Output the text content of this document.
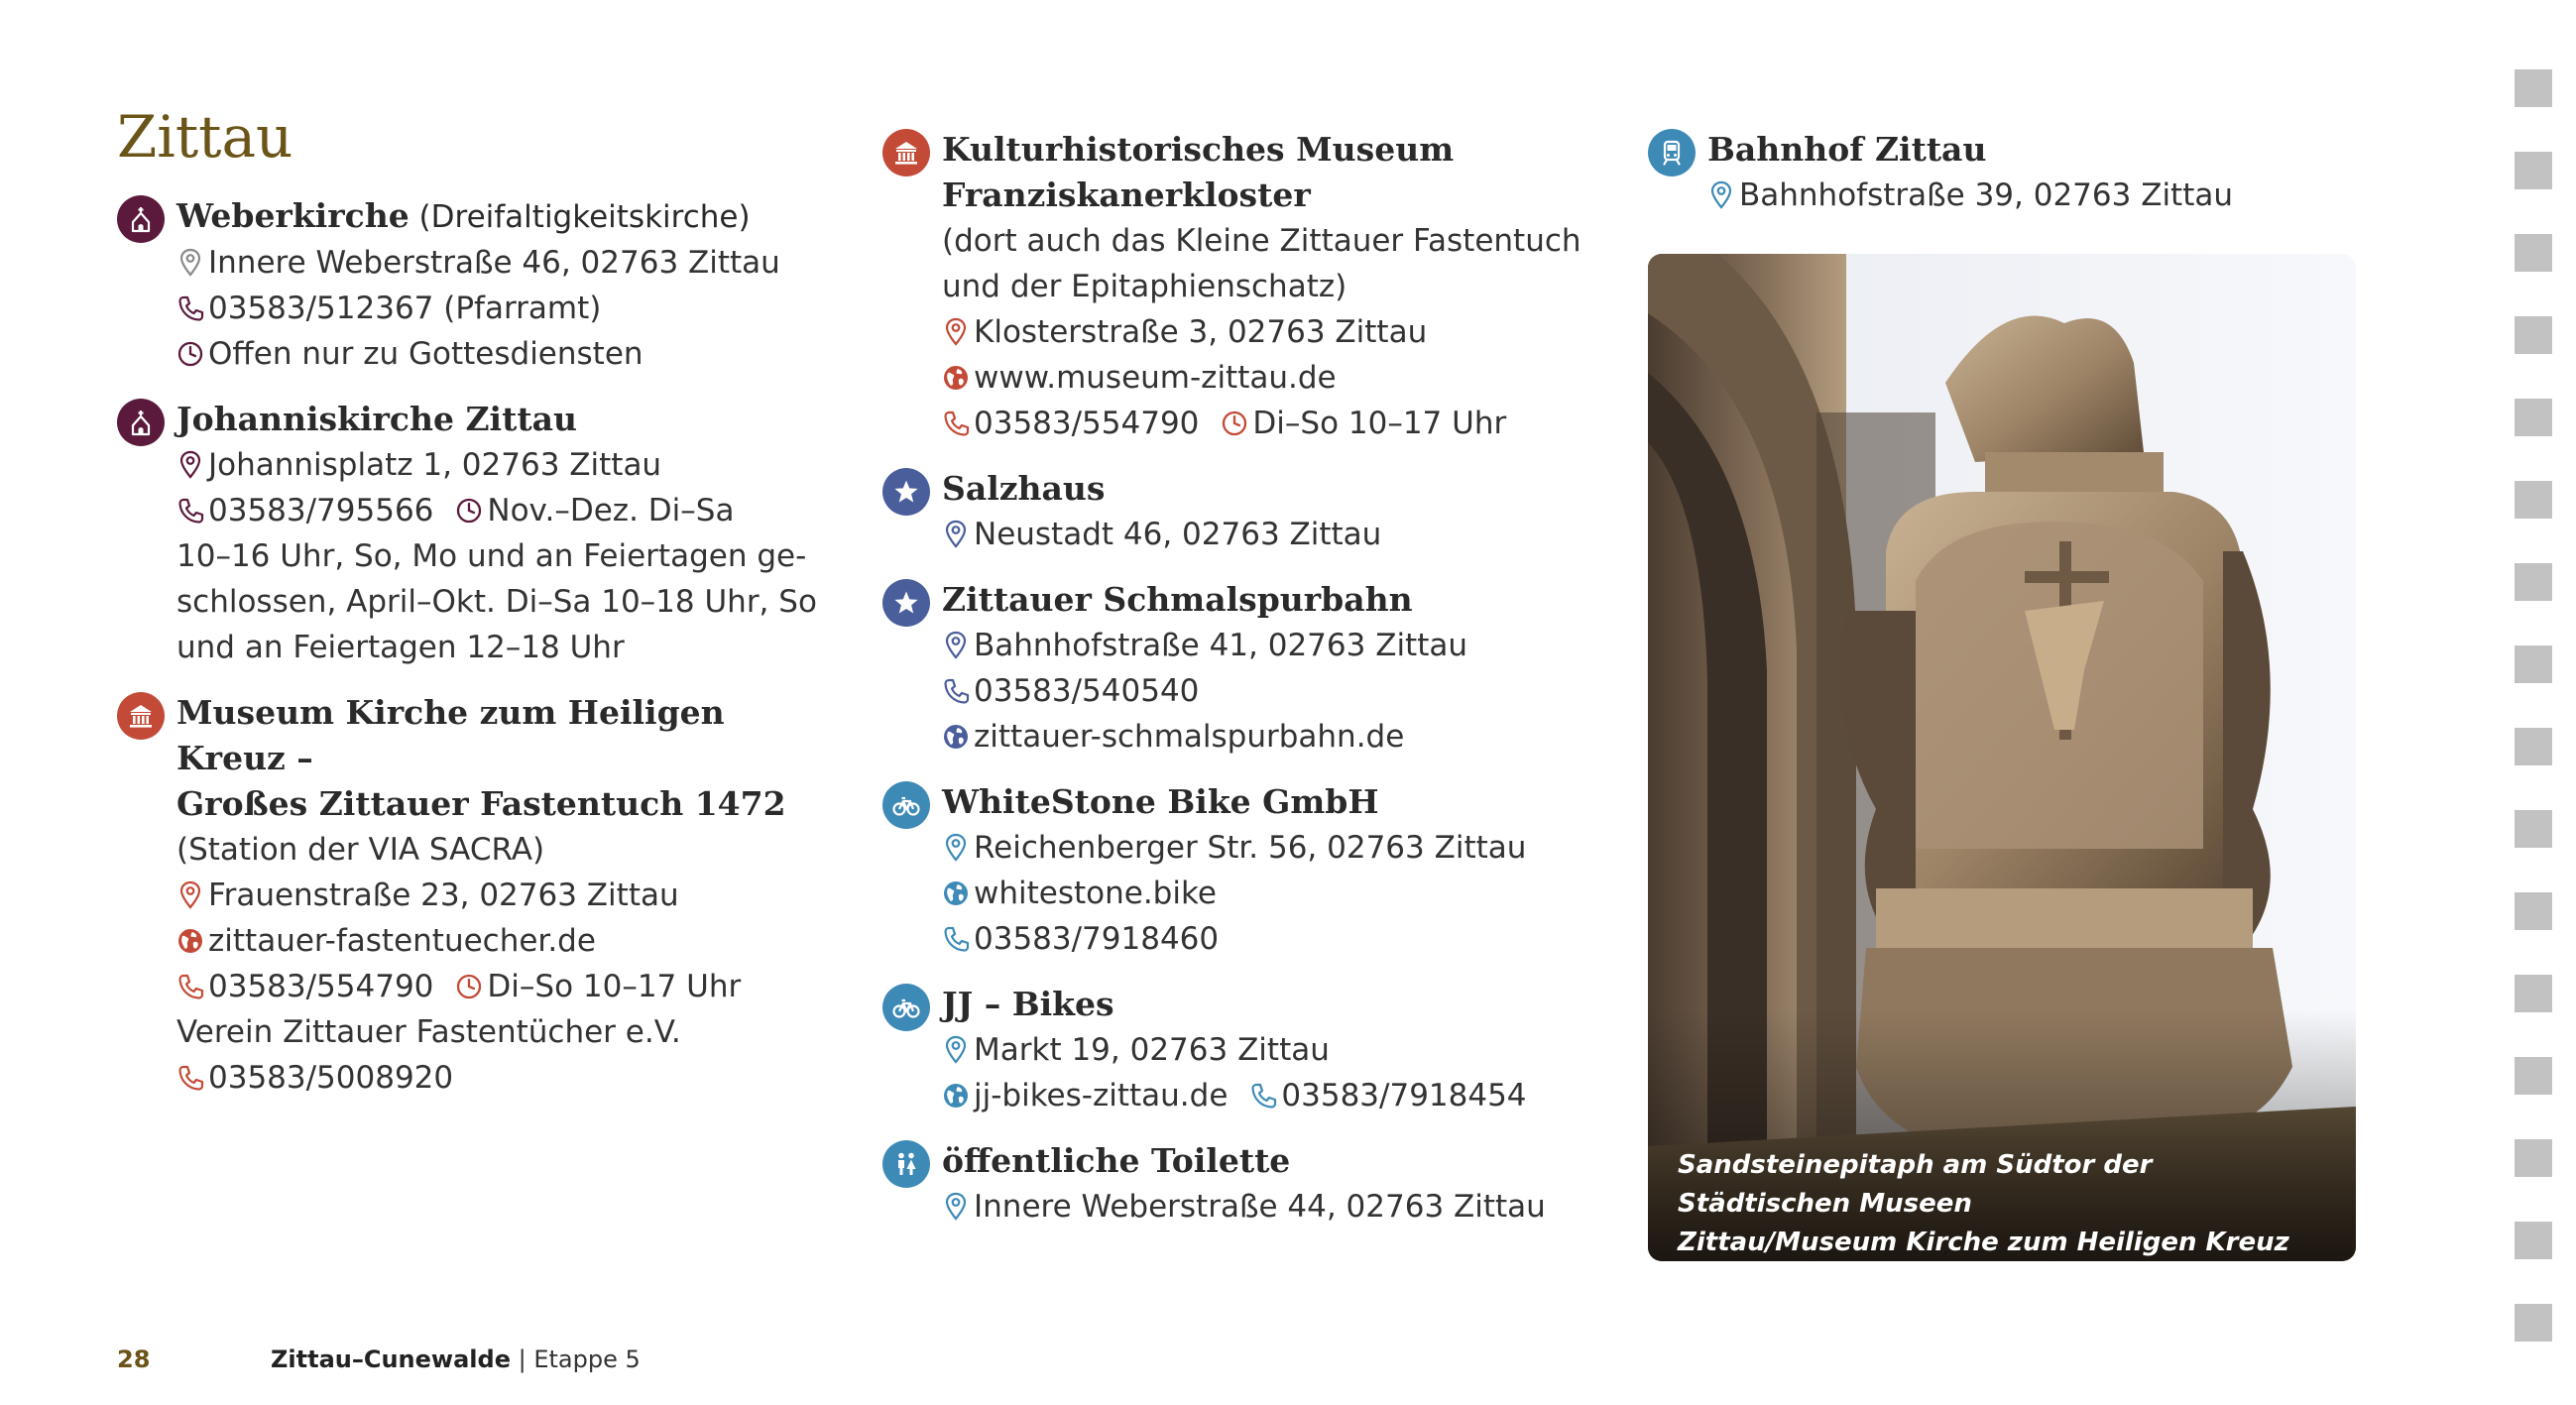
Zittau
Weberkirche (Dreifaltigkeitskirche)
Innere Weberstraße 46, 02763 Zittau
03583/512367 (Pfarramt)
Offen nur zu Gottesdiensten
Johanniskirche Zittau
Johannisplatz 1, 02763 Zittau
03583/795566 Nov.–Dez. Di–Sa
10–16 Uhr, So, Mo und an Feiertagen ge-
schlossen, April–Okt. Di–Sa 10–18 Uhr, So
und an Feiertagen 12–18 Uhr
Museum Kirche zum Heiligen Kreuz –
Großes Zittauer Fastentuch 1472
(Station der VIA SACRA)
Frauenstraße 23, 02763 Zittau
zittauer-fastentuecher.de
03583/554790 Di–So 10–17 Uhr
Verein Zittauer Fastentücher e.V.
03583/5008920
Kulturhistorisches Museum
Franziskanerkloster
(dort auch das Kleine Zittauer Fastentuch
und der Epitaphienschatz)
Klosterstraße 3, 02763 Zittau
www.museum-zittau.de
03583/554790 Di–So 10–17 Uhr
Salzhaus
Neustadt 46, 02763 Zittau
Zittauer Schmalspurbahn
Bahnhofstraße 41, 02763 Zittau
03583/540540
zittauer-schmalspurbahn.de
WhiteStone Bike GmbH
Reichenberger Str. 56, 02763 Zittau
whitestone.bike
03583/7918460
JJ – Bikes
Markt 19, 02763 Zittau
jj-bikes-zittau.de 03583/7918454
öffentliche Toilette
Innere Weberstraße 44, 02763 Zittau
Bahnhof Zittau
Bahnhofstraße 39, 02763 Zittau
Sandsteinepitaph am Südtor der Städtischen Museen
Zittau/Museum Kirche zum Heiligen Kreuz
28	Zittau–Cunewalde | Etappe 5
